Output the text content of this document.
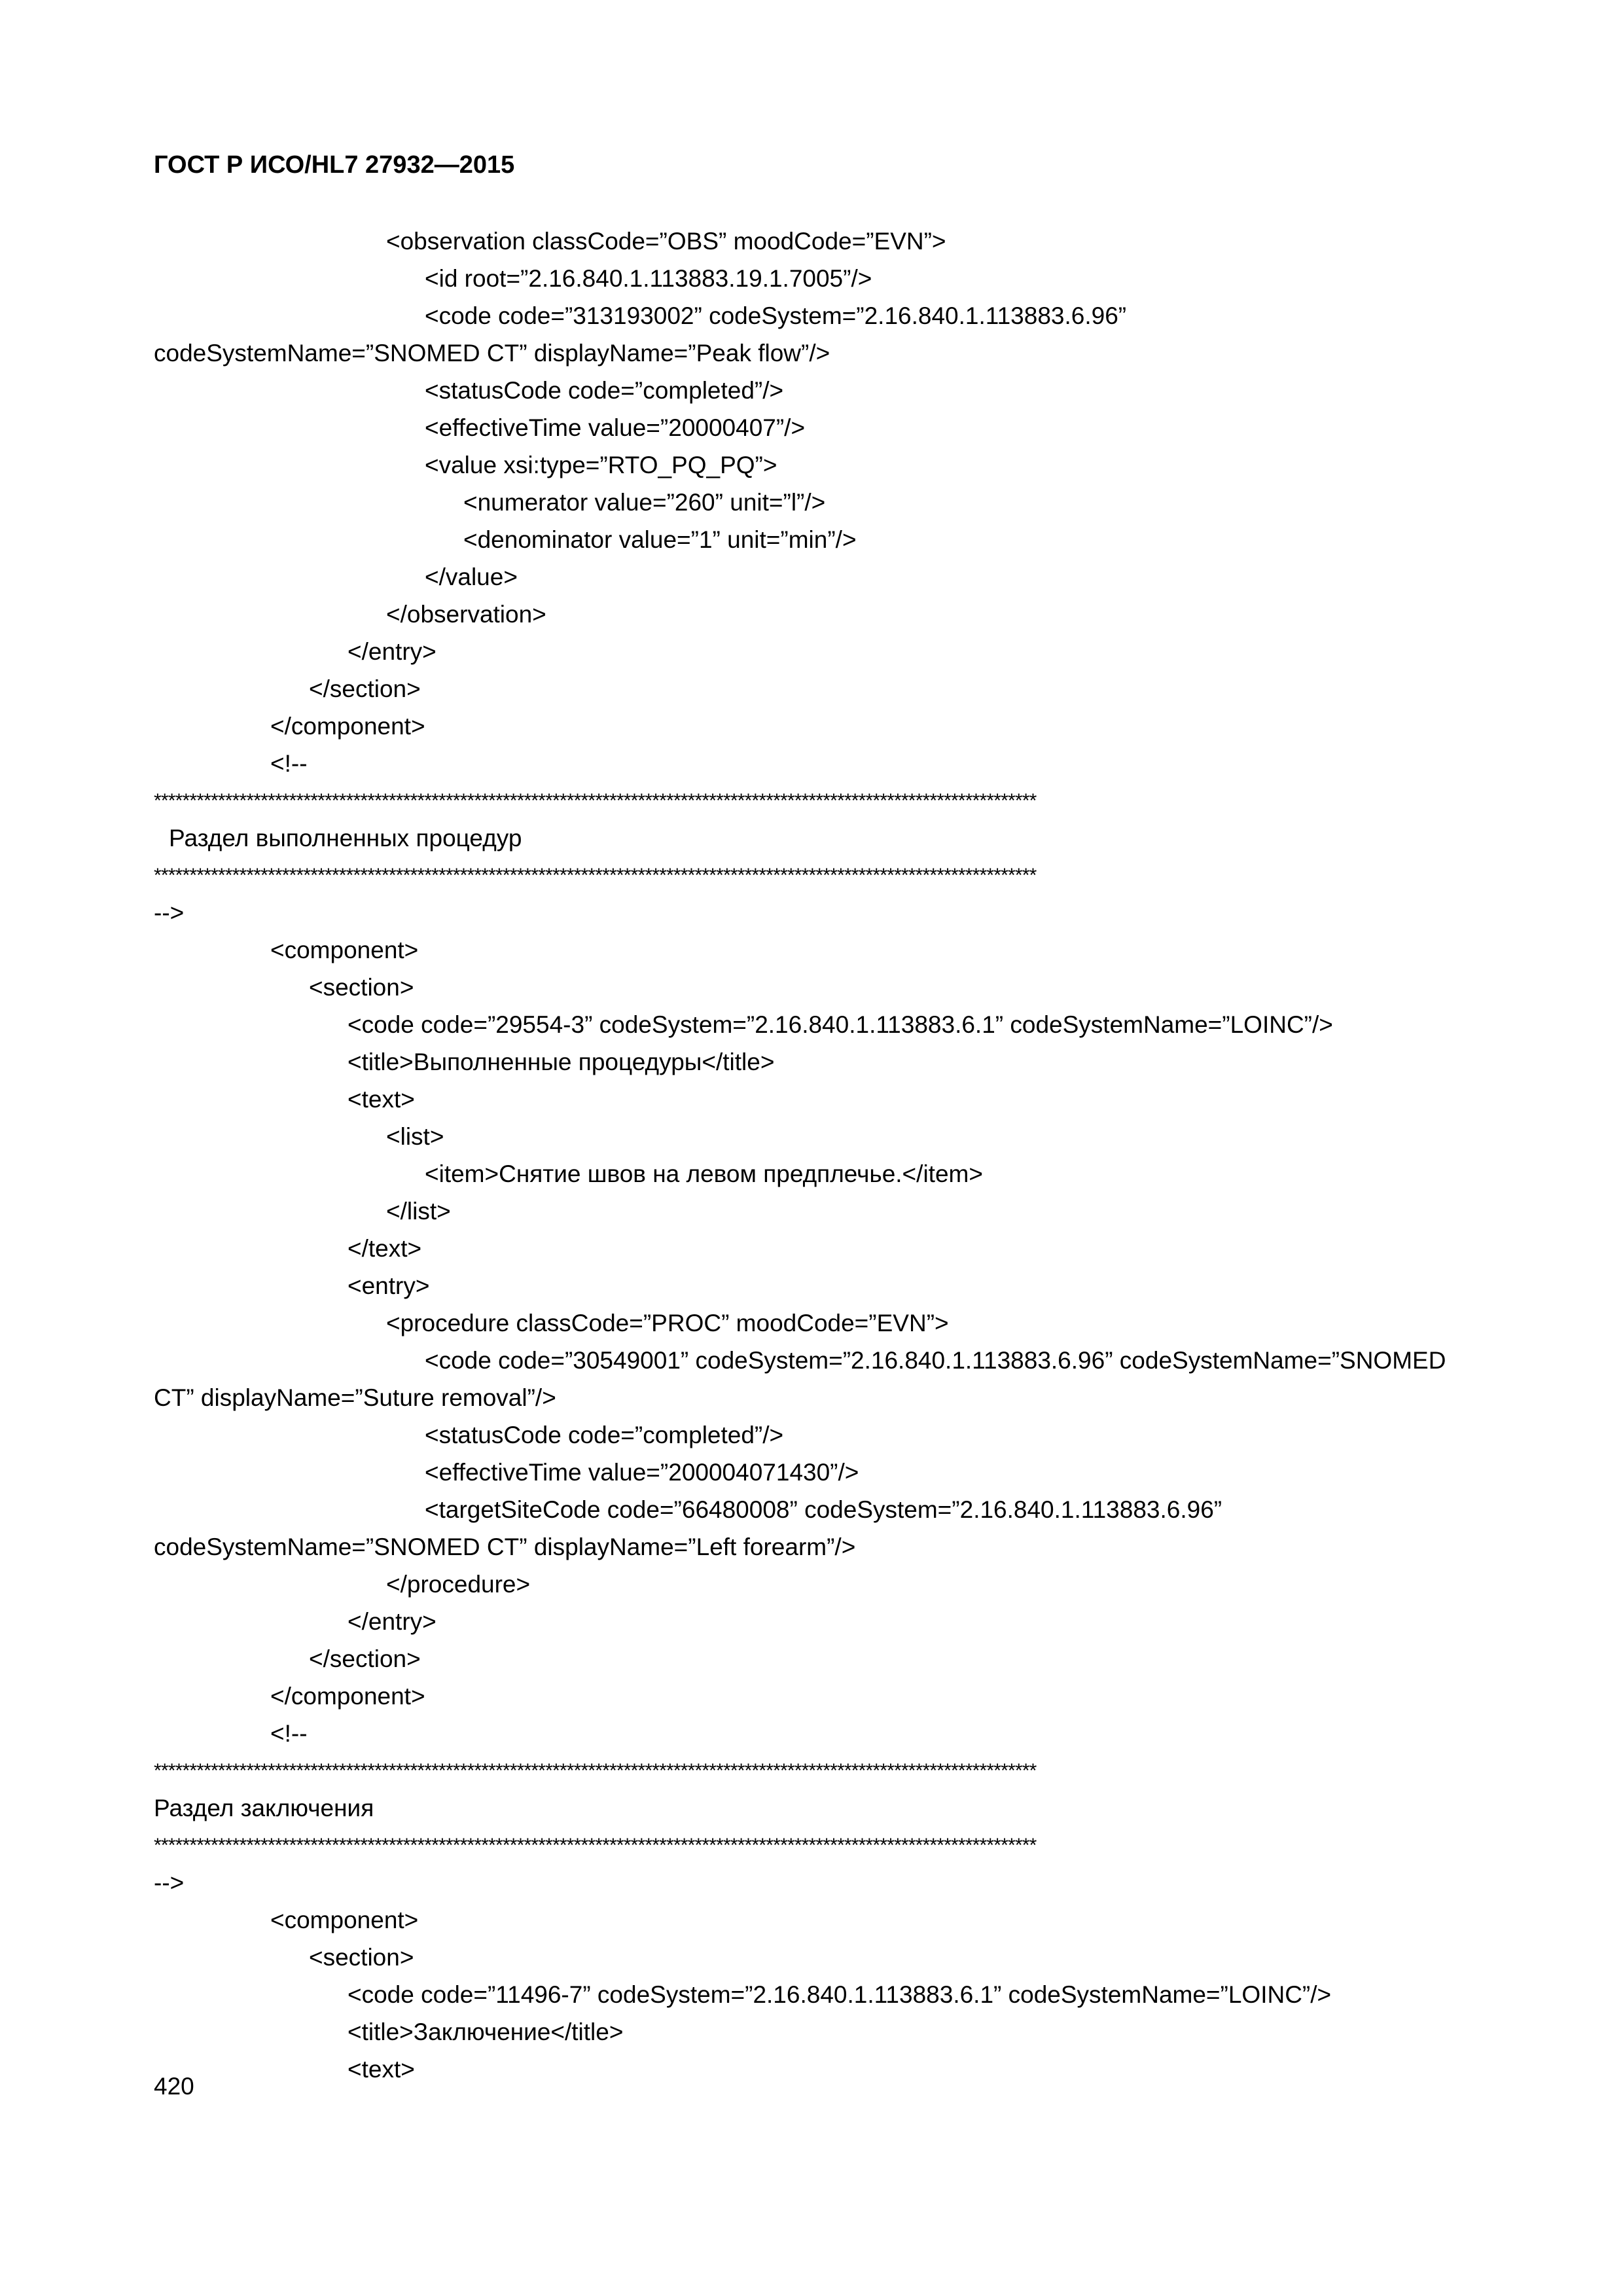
ГОСТ Р ИСО/HL7 27932—2015
<observation classCode=”OBS” moodCode=”EVN”>
<id root=”2.16.840.1.113883.19.1.7005”/>
<code code=”313193002” codeSystem=”2.16.840.1.113883.6.96”
codeSystemName=”SNOMED CT” displayName=”Peak flow”/>
<statusCode code=”completed”/>
<effectiveTime value=”20000407”/>
<value xsi:type=”RTO_PQ_PQ”>
<numerator value=”260” unit=”l”/>
<denominator value=”1” unit=”min”/>
</value>
</observation>
</entry>
</section>
</component>
<!--
****************************************************************************************************************************
Раздел выполненных процедур
****************************************************************************************************************************
-->
<component>
<section>
<code code=”29554-3” codeSystem=”2.16.840.1.113883.6.1” codeSystemName=”LOINC”/>
<title>Выполненные процедуры</title>
<text>
<list>
<item>Снятие швов на левом предплечье.</item>
</list>
</text>
<entry>
<procedure classCode=”PROC” moodCode=”EVN”>
<code code=”30549001” codeSystem=”2.16.840.1.113883.6.96” codeSystemName=”SNOMED
CT” displayName=”Suture removal”/>
<statusCode code=”completed”/>
<effectiveTime value=”200004071430”/>
<targetSiteCode code=”66480008” codeSystem=”2.16.840.1.113883.6.96”
codeSystemName=”SNOMED CT” displayName=”Left forearm”/>
</procedure>
</entry>
</section>
</component>
<!--
****************************************************************************************************************************
Раздел заключения
****************************************************************************************************************************
-->
<component>
<section>
<code code=”11496-7” codeSystem=”2.16.840.1.113883.6.1” codeSystemName=”LOINC”/>
<title>Заключение</title>
<text>
420
